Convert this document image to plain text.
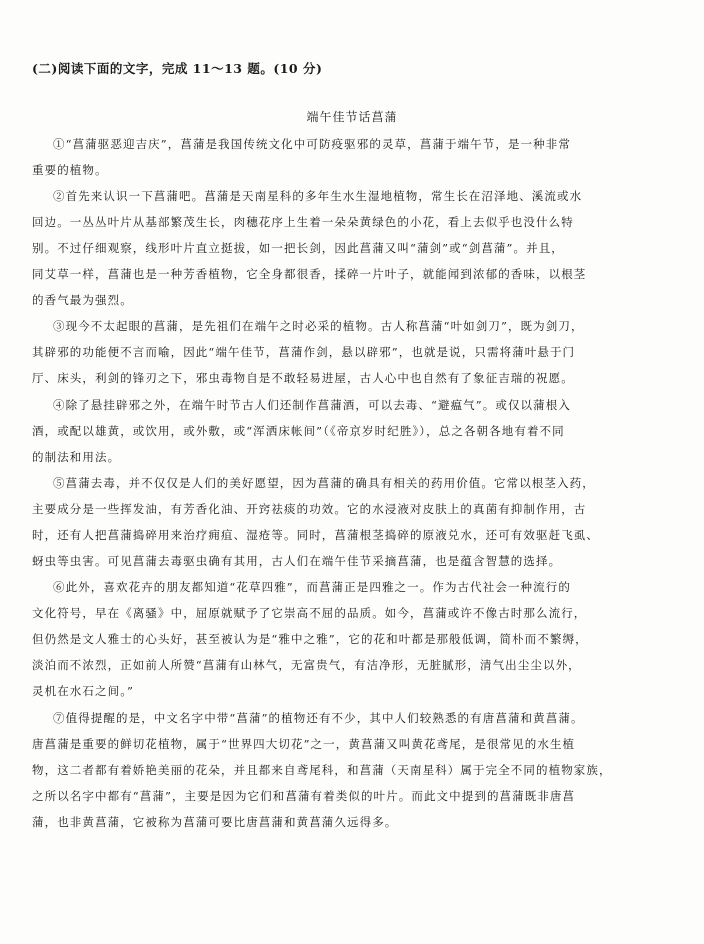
(二)阅读下面的文字，完成 11～13 题。(10 分)
端午佳节话菖蒲
①“菖蒲驱恶迎吉庆”，菖蒲是我国传统文化中可防疫驱邪的灵草，菖蒲于端午节，是一种非常
重要的植物。
②首先来认识一下菖蒲吧。菖蒲是天南星科的多年生水生湿地植物，常生长在沼泽地、溪流或水
回边。一丛丛叶片从基部繁茂生长，肉穗花序上生着一朵朵黄绿色的小花，看上去似乎也没什么特
别。不过仔细观察，线形叶片直立挺拔，如一把长剑，因此菖蒲又叫“蒲剑”或“剑菖蒲”。并且，
同艾草一样，菖蒲也是一种芳香植物，它全身都很香，揉碎一片叶子，就能闻到浓郁的香味，以根茎
的香气最为强烈。
③现今不太起眼的菖蒲，是先祖们在端午之时必采的植物。古人称菖蒲“叶如剑刀”，既为剑刀，
其辟邪的功能便不言而喻，因此“端午佳节，菖蒲作剑，悬以辟邪”，也就是说，只需将蒲叶悬于门
厅、床头，利剑的锋刃之下，邪虫毒物自是不敢轻易进屋，古人心中也自然有了象征吉瑞的祝愿。
④除了悬挂辟邪之外，在端午时节古人们还制作菖蒲酒，可以去毒、“避瘟气”。或仅以蒲根入
酒，或配以雄黄，或饮用，或外敷，或“浑洒床帐间”（《帝京岁时纪胜》），总之各朝各地有着不同
的制法和用法。
⑤菖蒲去毒，并不仅仅是人们的美好愿望，因为菖蒲的确具有相关的药用价值。它常以根茎入药，
主要成分是一些挥发油，有芳香化油、开窍祛痰的功效。它的水浸液对皮肤上的真菌有抑制作用，古
时，还有人把菖蒲捣碎用来治疗痈疽、湿疮等。同时，菖蒲根茎捣碎的原液兑水，还可有效驱赶飞虱、
蚜虫等虫害。可见菖蒲去毒驱虫确有其用，古人们在端午佳节采摘菖蒲，也是蕴含智慧的选择。
⑥此外，喜欢花卉的朋友都知道“花草四雅”，而菖蒲正是四雅之一。作为古代社会一种流行的
文化符号，早在《离骚》中，屈原就赋予了它崇高不屈的品质。如今，菖蒲或许不像古时那么流行，
但仍然是文人雅士的心头好，甚至被认为是“雅中之雅”，它的花和叶都是那般低调，简朴而不繁缛，
淡泊而不浓烈，正如前人所赞“菖蒲有山林气，无富贵气，有洁净形，无脏腻形，清气出尘尘以外，
灵机在水石之间。”
⑦值得提醒的是，中文名字中带“菖蒲”的植物还有不少，其中人们较熟悉的有唐菖蒲和黄菖蒲。
唐菖蒲是重要的鲜切花植物，属于“世界四大切花”之一，黄菖蒲又叫黄花鸢尾，是很常见的水生植
物，这二者都有着娇艳美丽的花朵，并且都来自鸢尾科，和菖蒲（天南星科）属于完全不同的植物家族，
之所以名字中都有“菖蒲”，主要是因为它们和菖蒲有着类似的叶片。而此文中提到的菖蒲既非唐菖
蒲，也非黄菖蒲，它被称为菖蒲可要比唐菖蒲和黄菖蒲久远得多。
